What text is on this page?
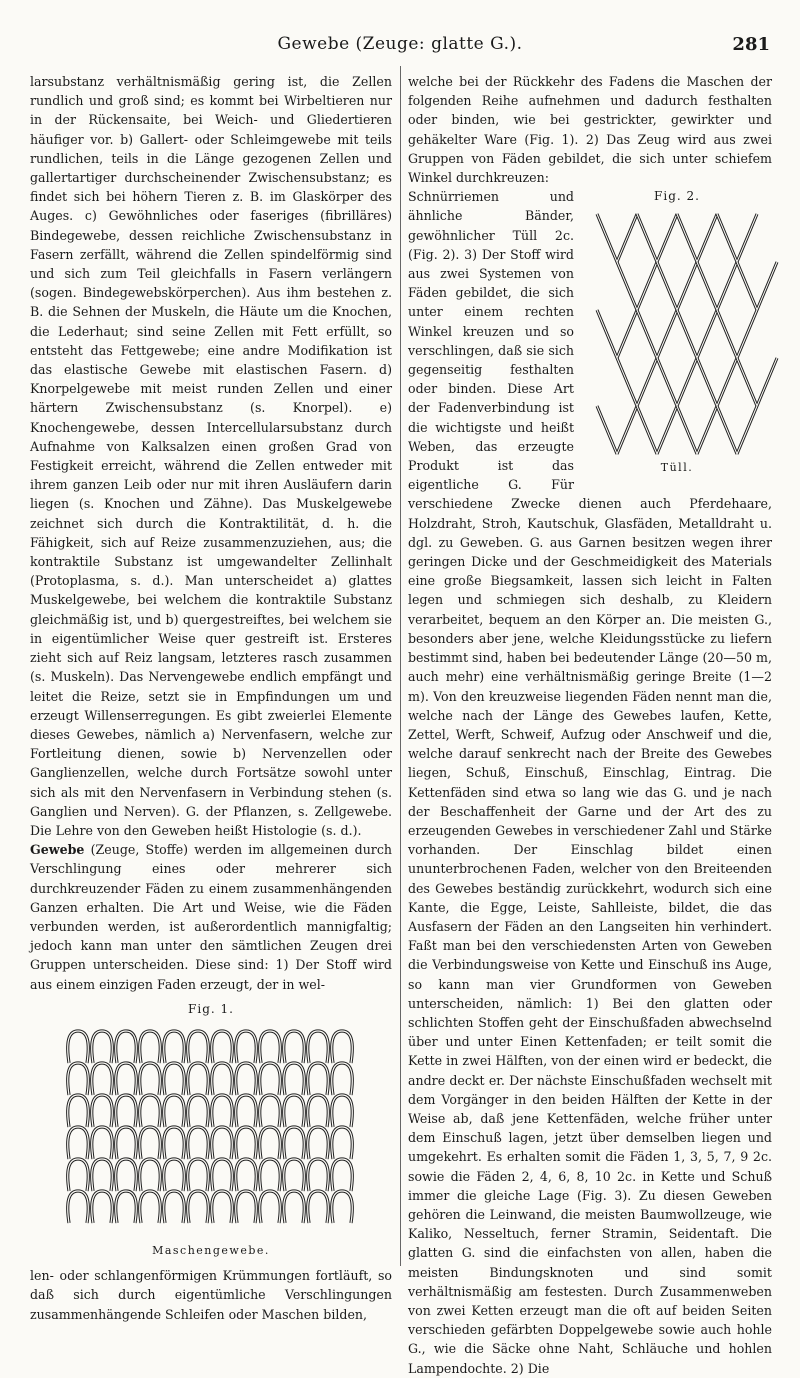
Gewebe (Zeuge: glatte G.).	281

larsubstanz verhältnismäßig gering ist, die Zellen rundlich und groß sind; es kommt bei Wirbeltieren nur in der Rückensaite, bei Weich- und Gliedertieren häufiger vor. b) Gallert- oder Schleimgewebe mit teils rundlichen, teils in die Länge gezogenen Zellen und gallertartiger durchscheinender Zwischensubstanz; es findet sich bei höhern Tieren z. B. im Glaskörper des Auges. c) Gewöhnliches oder faseriges (fibrilläres) Bindegewebe, dessen reichliche Zwischensubstanz in Fasern zerfällt, während die Zellen spindelförmig sind und sich zum Teil gleichfalls in Fasern verlängern (sogen. Bindegewebskörperchen). Aus ihm bestehen z. B. die Sehnen der Muskeln, die Häute um die Knochen, die Lederhaut; sind seine Zellen mit Fett erfüllt, so entsteht das Fettgewebe; eine andre Modifikation ist das elastische Gewebe mit elastischen Fasern. d) Knorpelgewebe mit meist runden Zellen und einer härtern Zwischensubstanz (s. Knorpel). e) Knochengewebe, dessen Intercellularsubstanz durch Aufnahme von Kalksalzen einen großen Grad von Festigkeit erreicht, während die Zellen entweder mit ihrem ganzen Leib oder nur mit ihren Ausläufern darin liegen (s. Knochen und Zähne). Das Muskelgewebe zeichnet sich durch die Kontraktilität, d. h. die Fähigkeit, sich auf Reize zusammenzuziehen, aus; die kontraktile Substanz ist umgewandelter Zellinhalt (Protoplasma, s. d.). Man unterscheidet a) glattes Muskelgewebe, bei welchem die kontraktile Substanz gleichmäßig ist, und b) quergestreiftes, bei welchem sie in eigentümlicher Weise quer gestreift ist. Ersteres zieht sich auf Reiz langsam, letzteres rasch zusammen (s. Muskeln). Das Nervengewebe endlich empfängt und leitet die Reize, setzt sie in Empfindungen um und erzeugt Willenserregungen. Es gibt zweierlei Elemente dieses Gewebes, nämlich a) Nervenfasern, welche zur Fortleitung dienen, sowie b) Nervenzellen oder Ganglienzellen, welche durch Fortsätze sowohl unter sich als mit den Nervenfasern in Verbindung stehen (s. Ganglien und Nerven). G. der Pflanzen, s. Zellgewebe. Die Lehre von den Geweben heißt Histologie (s. d.).

Gewebe (Zeuge, Stoffe) werden im allgemeinen durch Verschlingung eines oder mehrerer sich durchkreuzender Fäden zu einem zusammenhängenden Ganzen erhalten. Die Art und Weise, wie die Fäden verbunden werden, ist außerordentlich mannigfaltig; jedoch kann man unter den sämtlichen Zeugen drei Gruppen unterscheiden. Diese sind: 1) Der Stoff wird aus einem einzigen Faden erzeugt, der in wel-

Fig. 1.
Maschengewebe.

len- oder schlangenförmigen Krümmungen fortläuft, so daß sich durch eigentümliche Verschlingungen zusammenhängende Schleifen oder Maschen bilden,

welche bei der Rückkehr des Fadens die Maschen der folgenden Reihe aufnehmen und dadurch festhalten oder binden, wie bei gestrickter, gewirkter und gehäkelter Ware (Fig. 1). 2) Das Zeug wird aus zwei Gruppen von Fäden gebildet, die sich unter schiefem Winkel durchkreuzen:

Fig. 2.
Tüll.

Schnürriemen und ähnliche Bänder, gewöhnlicher Tüll 2c. (Fig. 2). 3) Der Stoff wird aus zwei Systemen von Fäden gebildet, die sich unter einem rechten Winkel kreuzen und so verschlingen, daß sie sich gegenseitig festhalten oder binden. Diese Art der Fadenverbindung ist die wichtigste und heißt Weben, das erzeugte Produkt ist das eigentliche G. Für verschiedene Zwecke dienen auch Pferdehaare, Holzdraht, Stroh, Kautschuk, Glasfäden, Metalldraht u. dgl. zu Geweben. G. aus Garnen besitzen wegen ihrer geringen Dicke und der Geschmeidigkeit des Materials eine große Biegsamkeit, lassen sich leicht in Falten legen und schmiegen sich deshalb, zu Kleidern verarbeitet, bequem an den Körper an. Die meisten G., besonders aber jene, welche Kleidungsstücke zu liefern bestimmt sind, haben bei bedeutender Länge (20—50 m, auch mehr) eine verhältnismäßig geringe Breite (1—2 m). Von den kreuzweise liegenden Fäden nennt man die, welche nach der Länge des Gewebes laufen, Kette, Zettel, Werft, Schweif, Aufzug oder Anschweif und die, welche darauf senkrecht nach der Breite des Gewebes liegen, Schuß, Einschuß, Einschlag, Eintrag. Die Kettenfäden sind etwa so lang wie das G. und je nach der Beschaffenheit der Garne und der Art des zu erzeugenden Gewebes in verschiedener Zahl und Stärke vorhanden. Der Einschlag bildet einen ununterbrochenen Faden, welcher von den Breiteenden des Gewebes beständig zurückkehrt, wodurch sich eine Kante, die Egge, Leiste, Sahlleiste, bildet, die das Ausfasern der Fäden an den Langseiten hin verhindert. Faßt man bei den verschiedensten Arten von Geweben die Verbindungsweise von Kette und Einschuß ins Auge, so kann man vier Grundformen von Geweben unterscheiden, nämlich: 1) Bei den glatten oder schlichten Stoffen geht der Einschußfaden abwechselnd über und unter Einen Kettenfaden; er teilt somit die Kette in zwei Hälften, von der einen wird er bedeckt, die andre deckt er. Der nächste Einschußfaden wechselt mit dem Vorgänger in den beiden Hälften der Kette in der Weise ab, daß jene Kettenfäden, welche früher unter dem Einschuß lagen, jetzt über demselben liegen und umgekehrt. Es erhalten somit die Fäden 1, 3, 5, 7, 9 2c. sowie die Fäden 2, 4, 6, 8, 10 2c. in Kette und Schuß immer die gleiche Lage (Fig. 3). Zu diesen Geweben gehören die Leinwand, die meisten Baumwollzeuge, wie Kaliko, Nesseltuch, ferner Stramin, Seidentaft. Die glatten G. sind die einfachsten von allen, haben die meisten Bindungsknoten und sind somit verhältnismäßig am festesten. Durch Zusammenweben von zwei Ketten erzeugt man die oft auf beiden Seiten verschieden gefärbten Doppelgewebe sowie auch hohle G., wie die Säcke ohne Naht, Schläuche und hohlen Lampendochte. 2) Die
